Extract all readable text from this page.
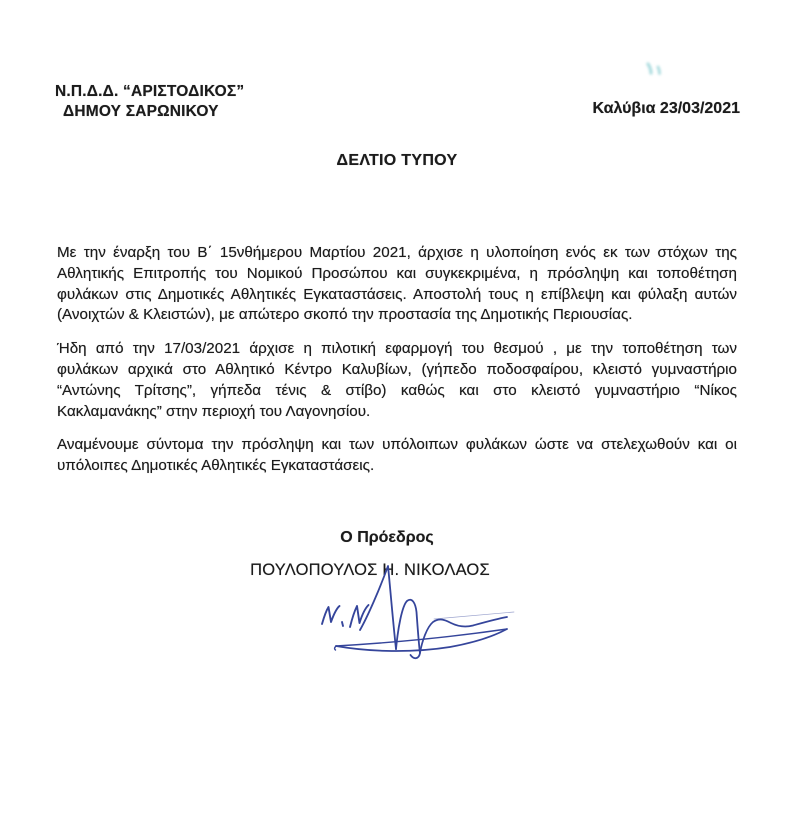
Ν.Π.Δ.Δ. “ΑΡΙΣΤΟΔΙΚΟΣ”
ΔΗΜΟΥ ΣΑΡΩΝΙΚΟΥ	Καλύβια 23/03/2021
ΔΕΛΤΙΟ ΤΥΠΟΥ

Με την έναρξη του Β΄ 15νθήμερου Μαρτίου 2021, άρχισε η υλοποίηση ενός εκ των στόχων της
Αθλητικής Επιτροπής του Νομικού Προσώπου και συγκεκριμένα, η πρόσληψη και τοποθέτηση
φυλάκων στις Δημοτικές Αθλητικές Εγκαταστάσεις. Αποστολή τους η επίβλεψη και φύλαξη αυτών
(Ανοιχτών & Κλειστών), με απώτερο σκοπό την προστασία της Δημοτικής Περιουσίας.

Ήδη από την 17/03/2021 άρχισε η πιλοτική εφαρμογή του θεσμού , με την τοποθέτηση των
φυλάκων αρχικά στο Αθλητικό Κέντρο Καλυβίων, (γήπεδο ποδοσφαίρου, κλειστό γυμναστήριο
“Αντώνης Τρίτσης”, γήπεδα τένις & στίβο) καθώς και στο κλειστό γυμναστήριο “Νίκος
Κακλαμανάκης” στην περιοχή του Λαγονησίου.

Αναμένουμε σύντομα την πρόσληψη και των υπόλοιπων φυλάκων ώστε να στελεχωθούν και οι
υπόλοιπες Δημοτικές Αθλητικές Εγκαταστάσεις.

Ο Πρόεδρος
ΠΟΥΛΟΠΟΥΛΟΣ Η. ΝΙΚΟΛΑΟΣ
